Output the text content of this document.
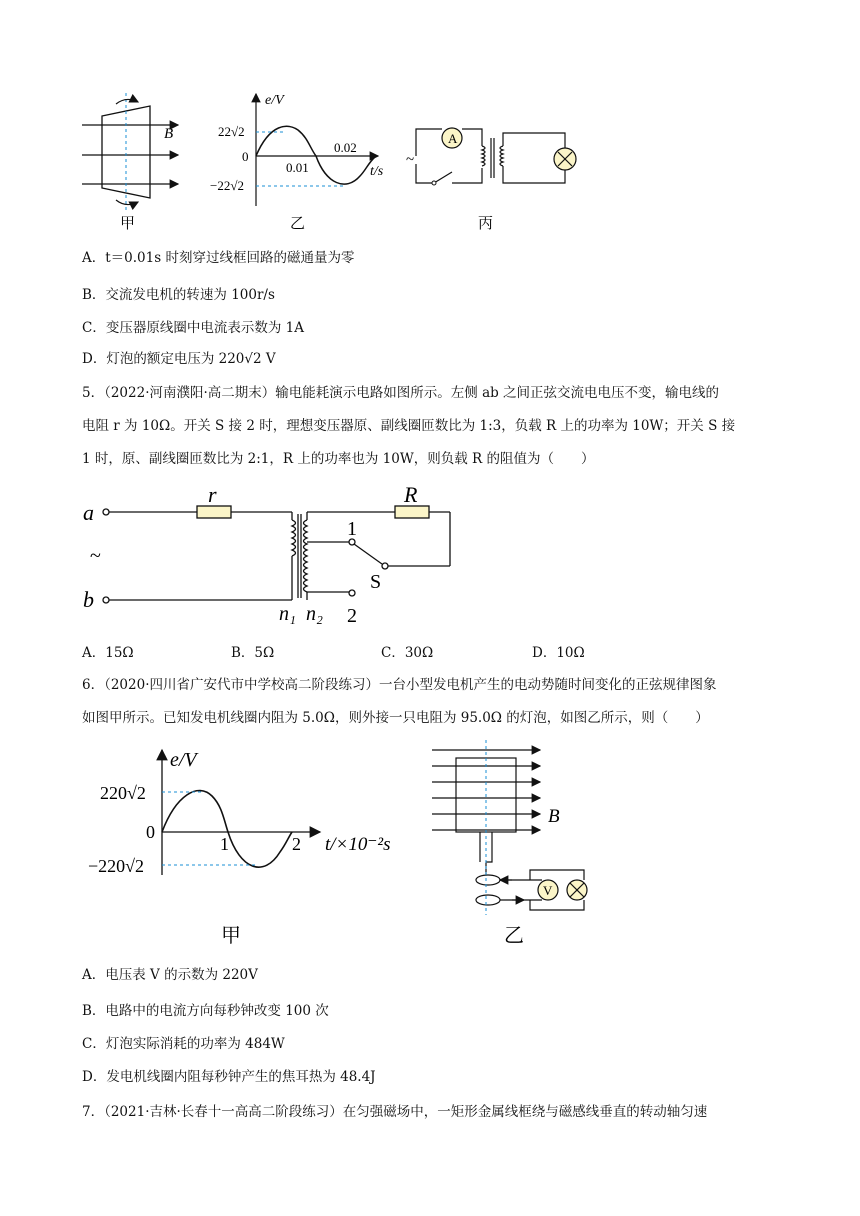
B
甲
e/V
t/s
22√2
−22√2
0
0.01
0.02
乙
A
~
丙
A．t＝0.01s 时刻穿过线框回路的磁通量为零
B．交流发电机的转速为 100r/s
C．变压器原线圈中电流表示数为 1A
D．灯泡的额定电压为 220√2 V
5．（2022·河南濮阳·高二期末）输电能耗演示电路如图所示。左侧 ab 之间正弦交流电电压不变，输电线的
电阻 r 为 10Ω。开关 S 接 2 时，理想变压器原、副线圈匝数比为 1:3，负载 R 上的功率为 10W；开关 S 接
1 时，原、副线圈匝数比为 2:1，R 上的功率也为 10W，则负载 R 的阻值为（　　）
a
b
~
r	R
n₁ n₂
1
2
S
A．15Ω	B．5Ω	C．30Ω	D．10Ω
6．（2020·四川省广安代市中学校高二阶段练习）一台小型发电机产生的电动势随时间变化的正弦规律图象
如图甲所示。已知发电机线圈内阻为 5.0Ω，则外接一只电阻为 95.0Ω 的灯泡，如图乙所示，则（　　）
e/V
t/×10⁻²s
220√2
−220√2
0
1	2
甲
V
B
乙
A．电压表 V 的示数为 220V
B．电路中的电流方向每秒钟改变 100 次
C．灯泡实际消耗的功率为 484W
D．发电机线圈内阻每秒钟产生的焦耳热为 48.4J
7．（2021·吉林·长春十一高高二阶段练习）在匀强磁场中，一矩形金属线框绕与磁感线垂直的转动轴匀速
